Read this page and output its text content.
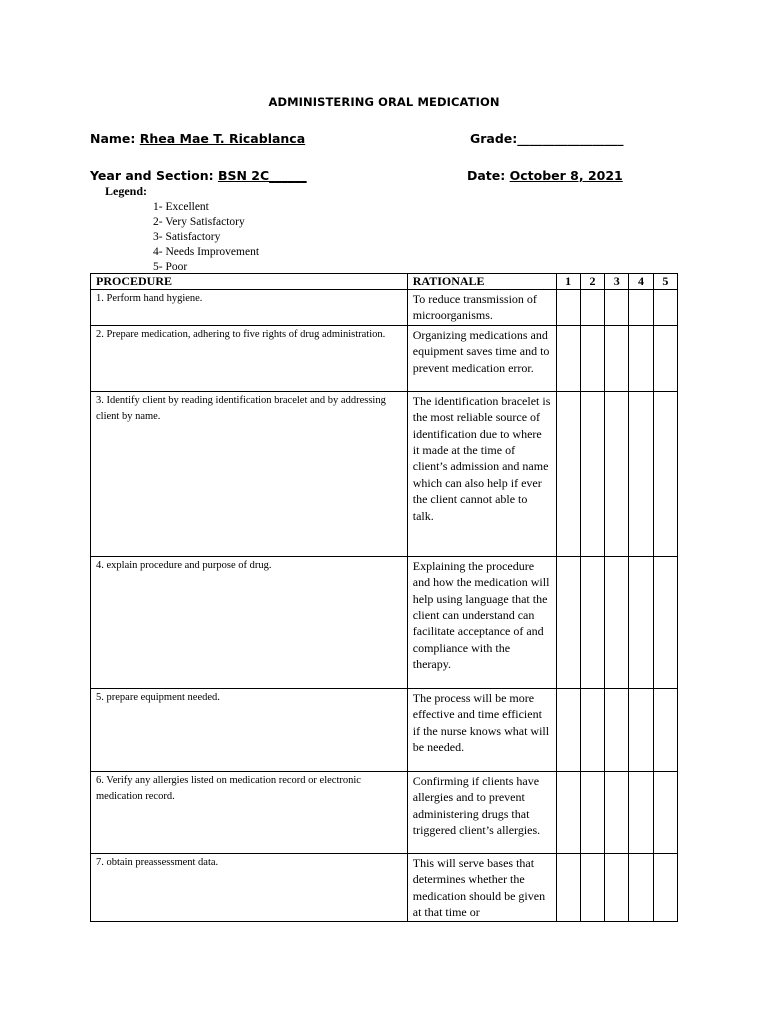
ADMINISTERING ORAL MEDICATION
Name: Rhea Mae T. Ricablanca	Grade:_________________
Year and Section: BSN 2C______	Date: October 8, 2021
Legend:
1- Excellent
2- Very Satisfactory
3- Satisfactory
4- Needs Improvement
5- Poor
PROCEDURE	RATIONALE	1	2	3	4	5
1. Perform hand hygiene.	To reduce transmission of microorganisms.					
2. Prepare medication, adhering to five rights of drug administration.	Organizing medications and equipment saves time and to prevent medication error.					
3. Identify client by reading identification bracelet and by addressing client by name.	The identification bracelet is the most reliable source of identification due to where it made at the time of client’s admission and name which can also help if ever the client cannot able to talk.					
4. explain procedure and purpose of drug.	Explaining the procedure and how the medication will help using language that the client can understand can facilitate acceptance of and compliance with the therapy.					
5. prepare equipment needed.	The process will be more effective and time efficient if the nurse knows what will be needed.					
6. Verify any allergies listed on medication record or electronic medication record.	Confirming if clients have allergies and to prevent administering drugs that triggered client’s allergies.					
7. obtain preassessment data.	This will serve bases that determines whether the medication should be given at that time or					
